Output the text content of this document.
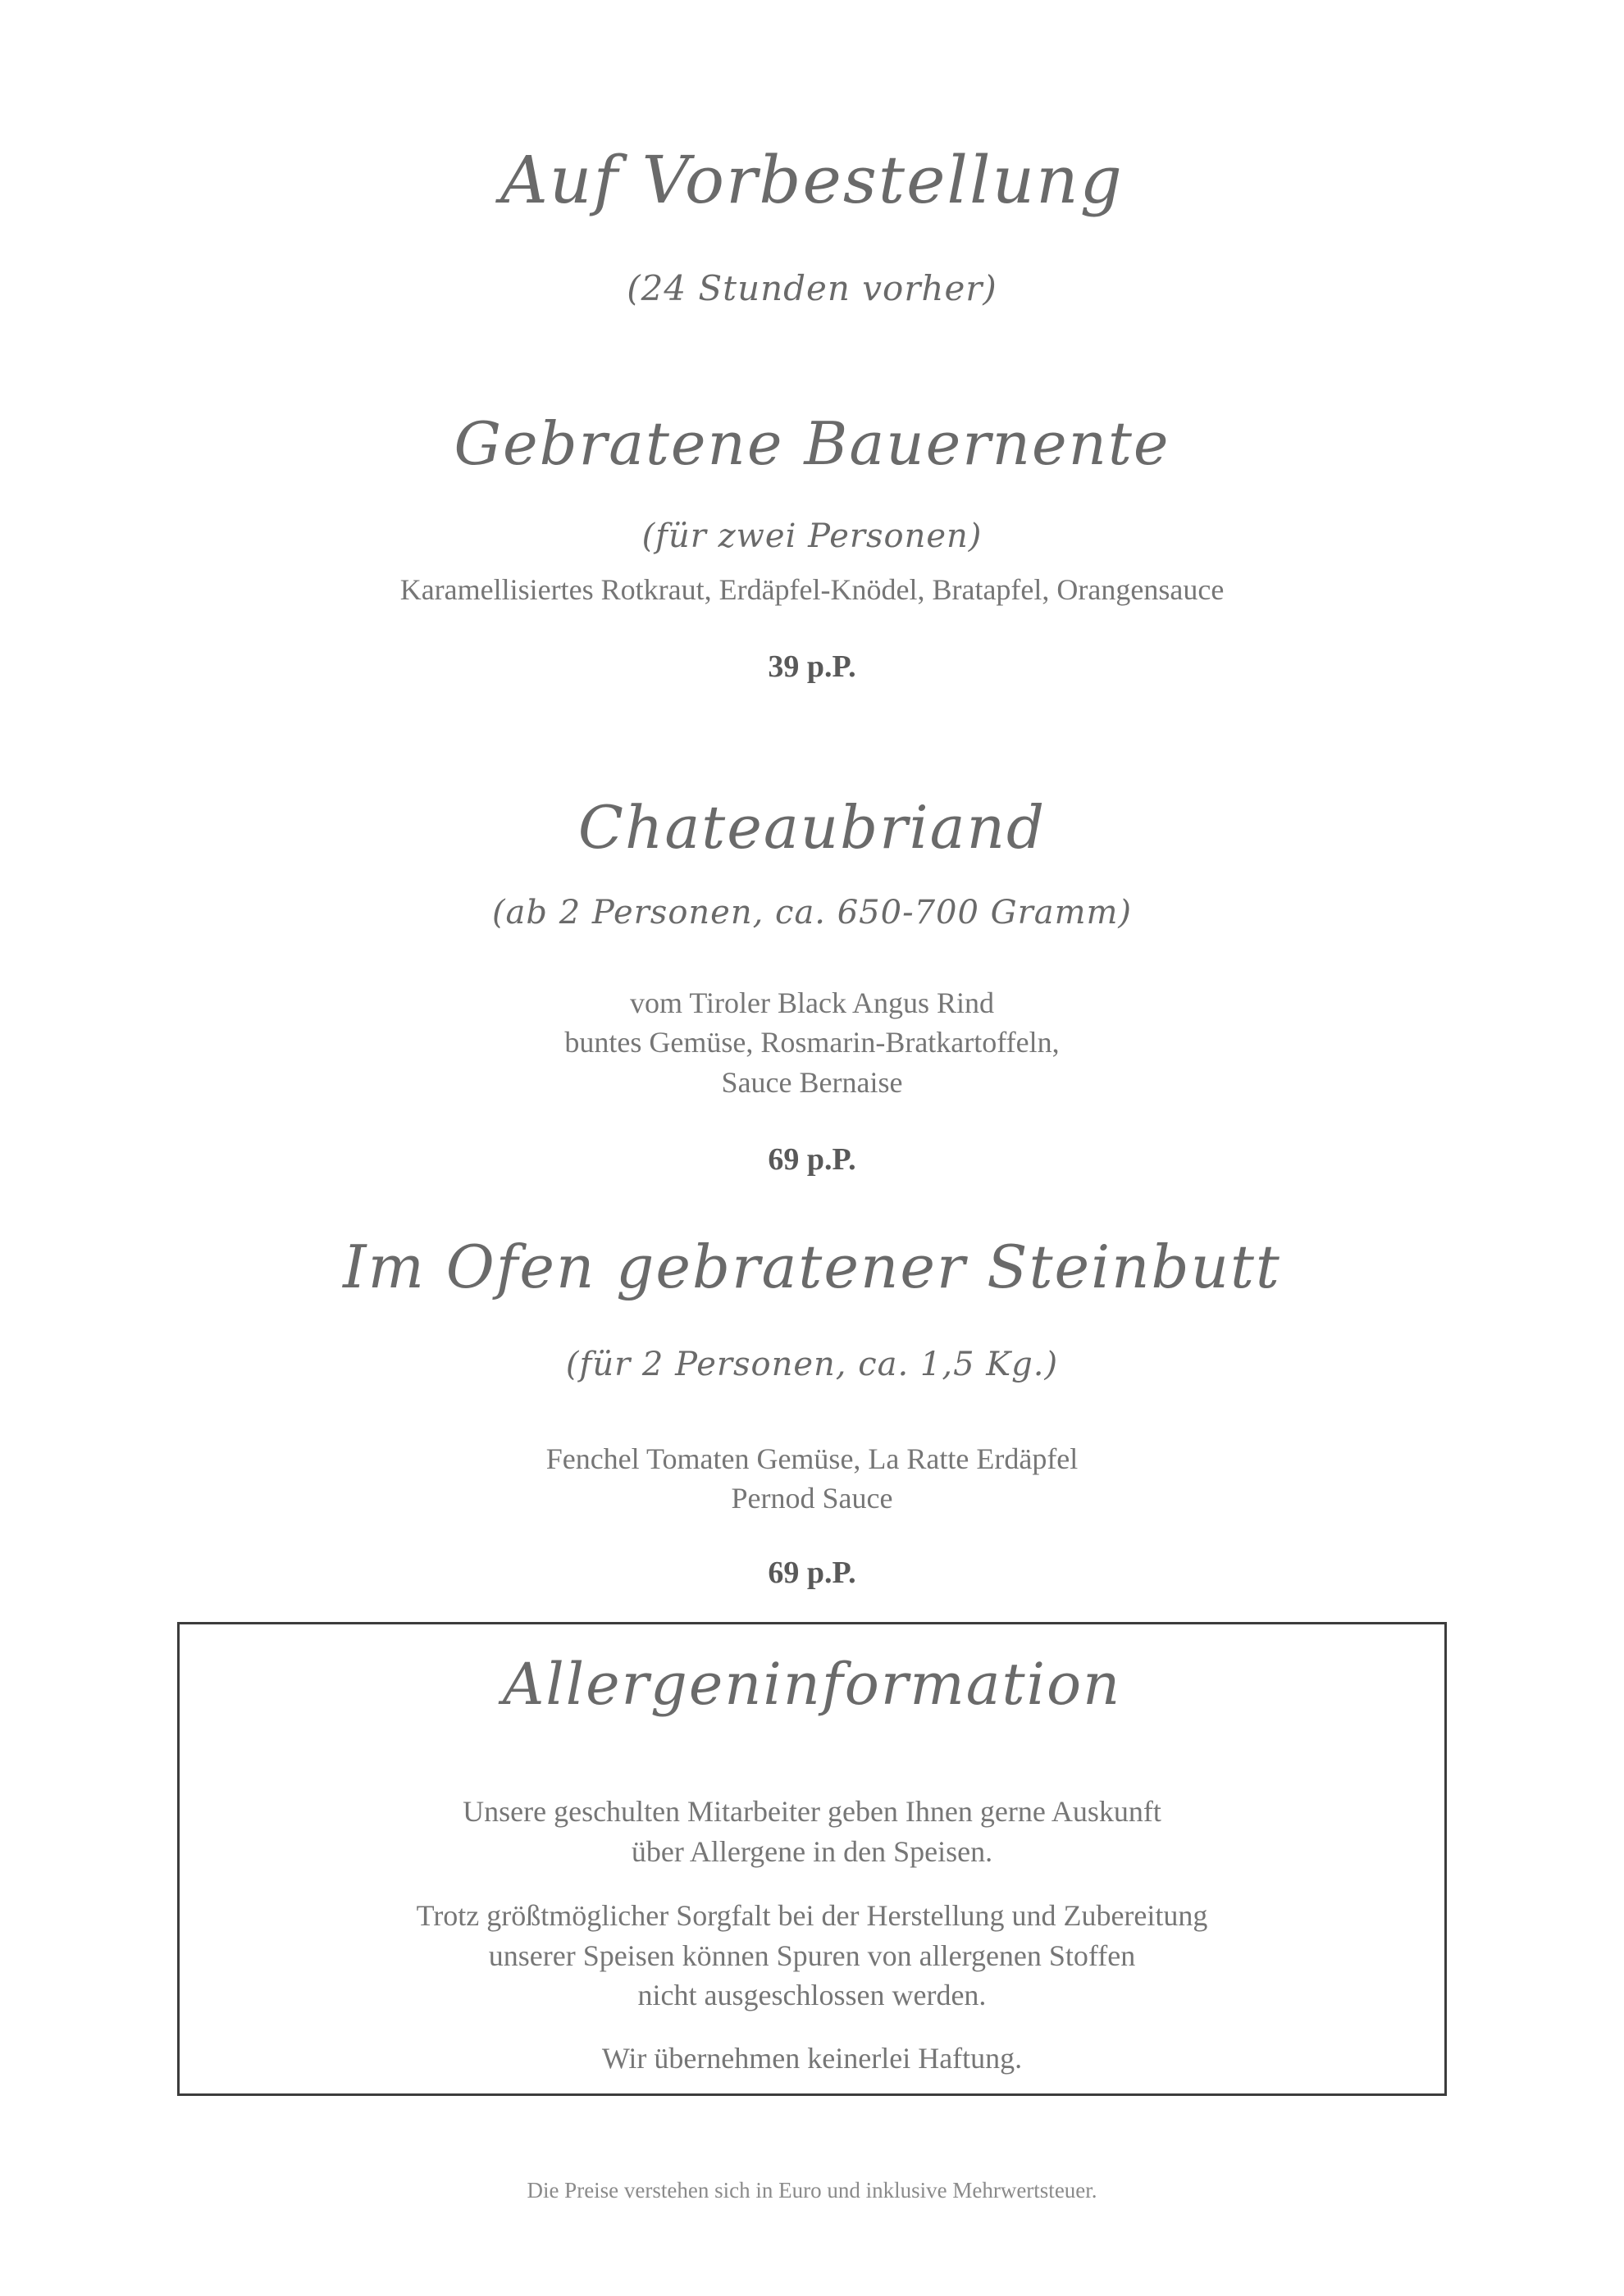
Auf Vorbestellung
(24 Stunden vorher)
Gebratene Bauernente
(für zwei Personen)
Karamellisiertes Rotkraut, Erdäpfel-Knödel, Bratapfel, Orangensauce
39 p.P.
Chateaubriand
(ab 2 Personen, ca. 650-700 Gramm)
vom Tiroler Black Angus Rind
buntes Gemüse, Rosmarin-Bratkartoffeln,
Sauce Bernaise
69 p.P.
Im Ofen gebratener Steinbutt
(für 2 Personen, ca. 1,5 Kg.)
Fenchel Tomaten Gemüse, La Ratte Erdäpfel
Pernod Sauce
69 p.P.
Allergeninformation
Unsere geschulten Mitarbeiter geben Ihnen gerne Auskunft
über Allergene in den Speisen.
Trotz größtmöglicher Sorgfalt bei der Herstellung und Zubereitung
unserer Speisen können Spuren von allergenen Stoffen
nicht ausgeschlossen werden.
Wir übernehmen keinerlei Haftung.
Die Preise verstehen sich in Euro und inklusive Mehrwertsteuer.
